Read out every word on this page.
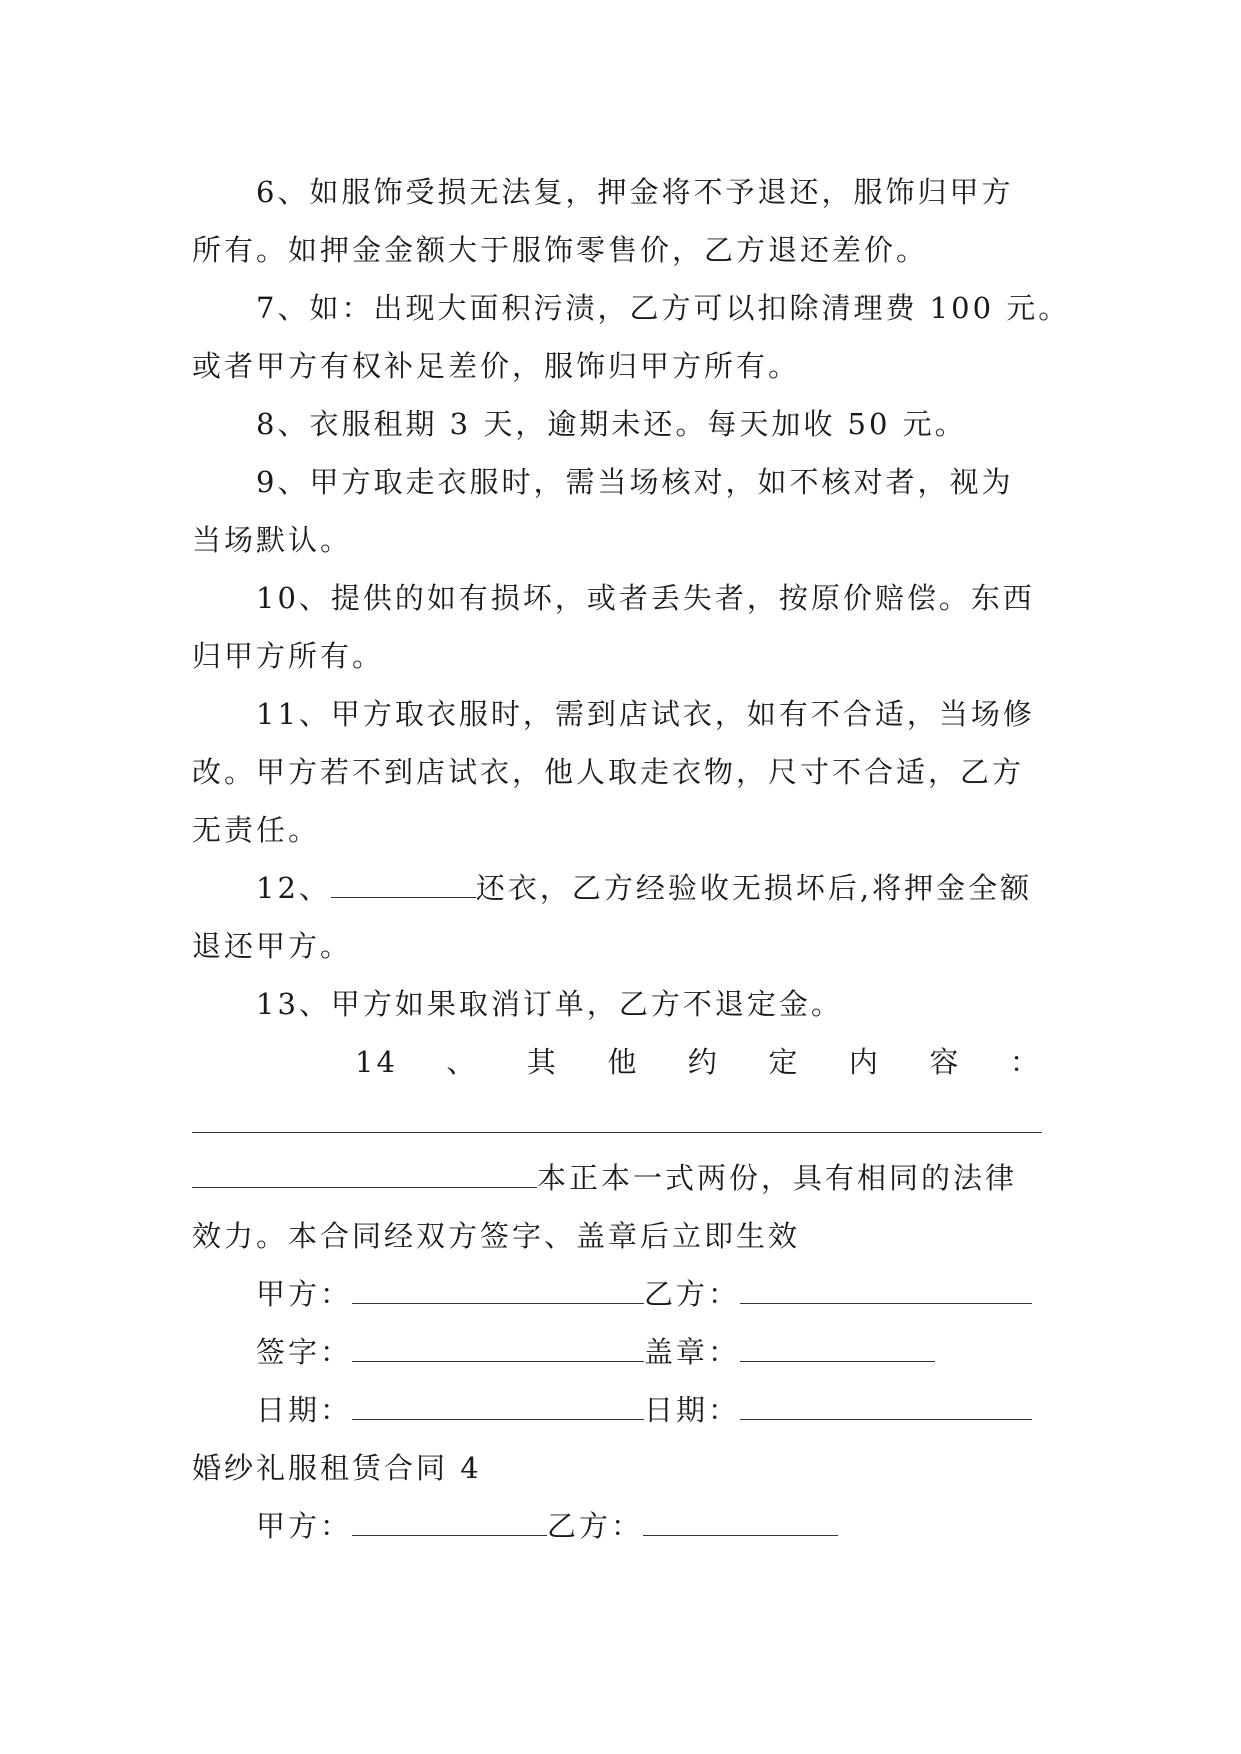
6、如服饰受损无法复，押金将不予退还，服饰归甲方

所有。如押金金额大于服饰零售价，乙方退还差价。

7、如：出现大面积污渍，乙方可以扣除清理费 100 元。

或者甲方有权补足差价，服饰归甲方所有。

8、衣服租期 3 天，逾期未还。每天加收 50 元。

9、甲方取走衣服时，需当场核对，如不核对者，视为

当场默认。

10、提供的如有损坏，或者丢失者，按原价赔偿。东西

归甲方所有。

11、甲方取衣服时，需到店试衣，如有不合适，当场修

改。甲方若不到店试衣，他人取走衣物，尺寸不合适，乙方

无责任。

12、	还衣，乙方经验收无损坏后,将押金全额

退还甲方。

13、甲方如果取消订单，乙方不退定金。

14 、 其 他 约 定 内 容 ：

本正本一式两份，具有相同的法律

效力。本合同经双方签字、盖章后立即生效

甲方：	乙方：
签字：	盖章：
日期：	日期：

婚纱礼服租赁合同 4

甲方：	乙方：
